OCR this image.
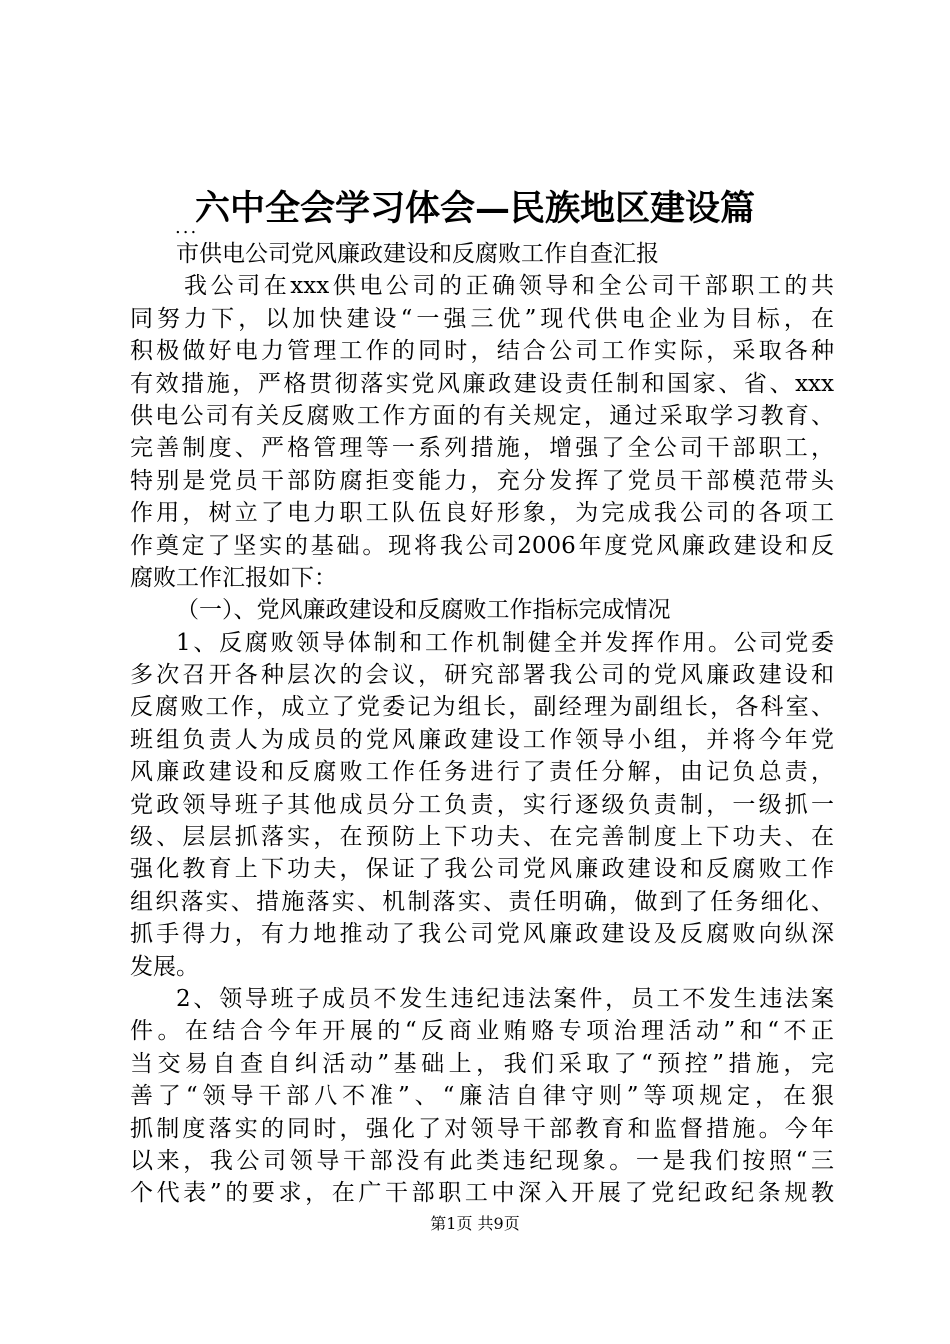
六中全会学习体会—民族地区建设篇
...
市供电公司党风廉政建设和反腐败工作自查汇报
我公司在xxx供电公司的正确领导和全公司干部职工的共
同努力下，以加快建设“一强三优”现代供电企业为目标，在
积极做好电力管理工作的同时，结合公司工作实际，采取各种
有效措施，严格贯彻落实党风廉政建设责任制和国家、省、xxx
供电公司有关反腐败工作方面的有关规定，通过采取学习教育、
完善制度、严格管理等一系列措施，增强了全公司干部职工，
特别是党员干部防腐拒变能力，充分发挥了党员干部模范带头
作用，树立了电力职工队伍良好形象，为完成我公司的各项工
作奠定了坚实的基础。现将我公司2006年度党风廉政建设和反
腐败工作汇报如下：
（一）、党风廉政建设和反腐败工作指标完成情况
1、反腐败领导体制和工作机制健全并发挥作用。公司党委
多次召开各种层次的会议，研究部署我公司的党风廉政建设和
反腐败工作，成立了党委记为组长，副经理为副组长，各科室、
班组负责人为成员的党风廉政建设工作领导小组，并将今年党
风廉政建设和反腐败工作任务进行了责任分解，由记负总责，
党政领导班子其他成员分工负责，实行逐级负责制，一级抓一
级、层层抓落实，在预防上下功夫、在完善制度上下功夫、在
强化教育上下功夫，保证了我公司党风廉政建设和反腐败工作
组织落实、措施落实、机制落实、责任明确，做到了任务细化、
抓手得力，有力地推动了我公司党风廉政建设及反腐败向纵深
发展。
2、领导班子成员不发生违纪违法案件，员工不发生违法案
件。在结合今年开展的“反商业贿赂专项治理活动”和“不正
当交易自查自纠活动”基础上，我们采取了“预控”措施，完
善了“领导干部八不准”、“廉洁自律守则”等项规定，在狠
抓制度落实的同时，强化了对领导干部教育和监督措施。今年
以来，我公司领导干部没有此类违纪现象。一是我们按照“三
个代表”的要求，在广干部职工中深入开展了党纪政纪条规教
第1页 共9页
